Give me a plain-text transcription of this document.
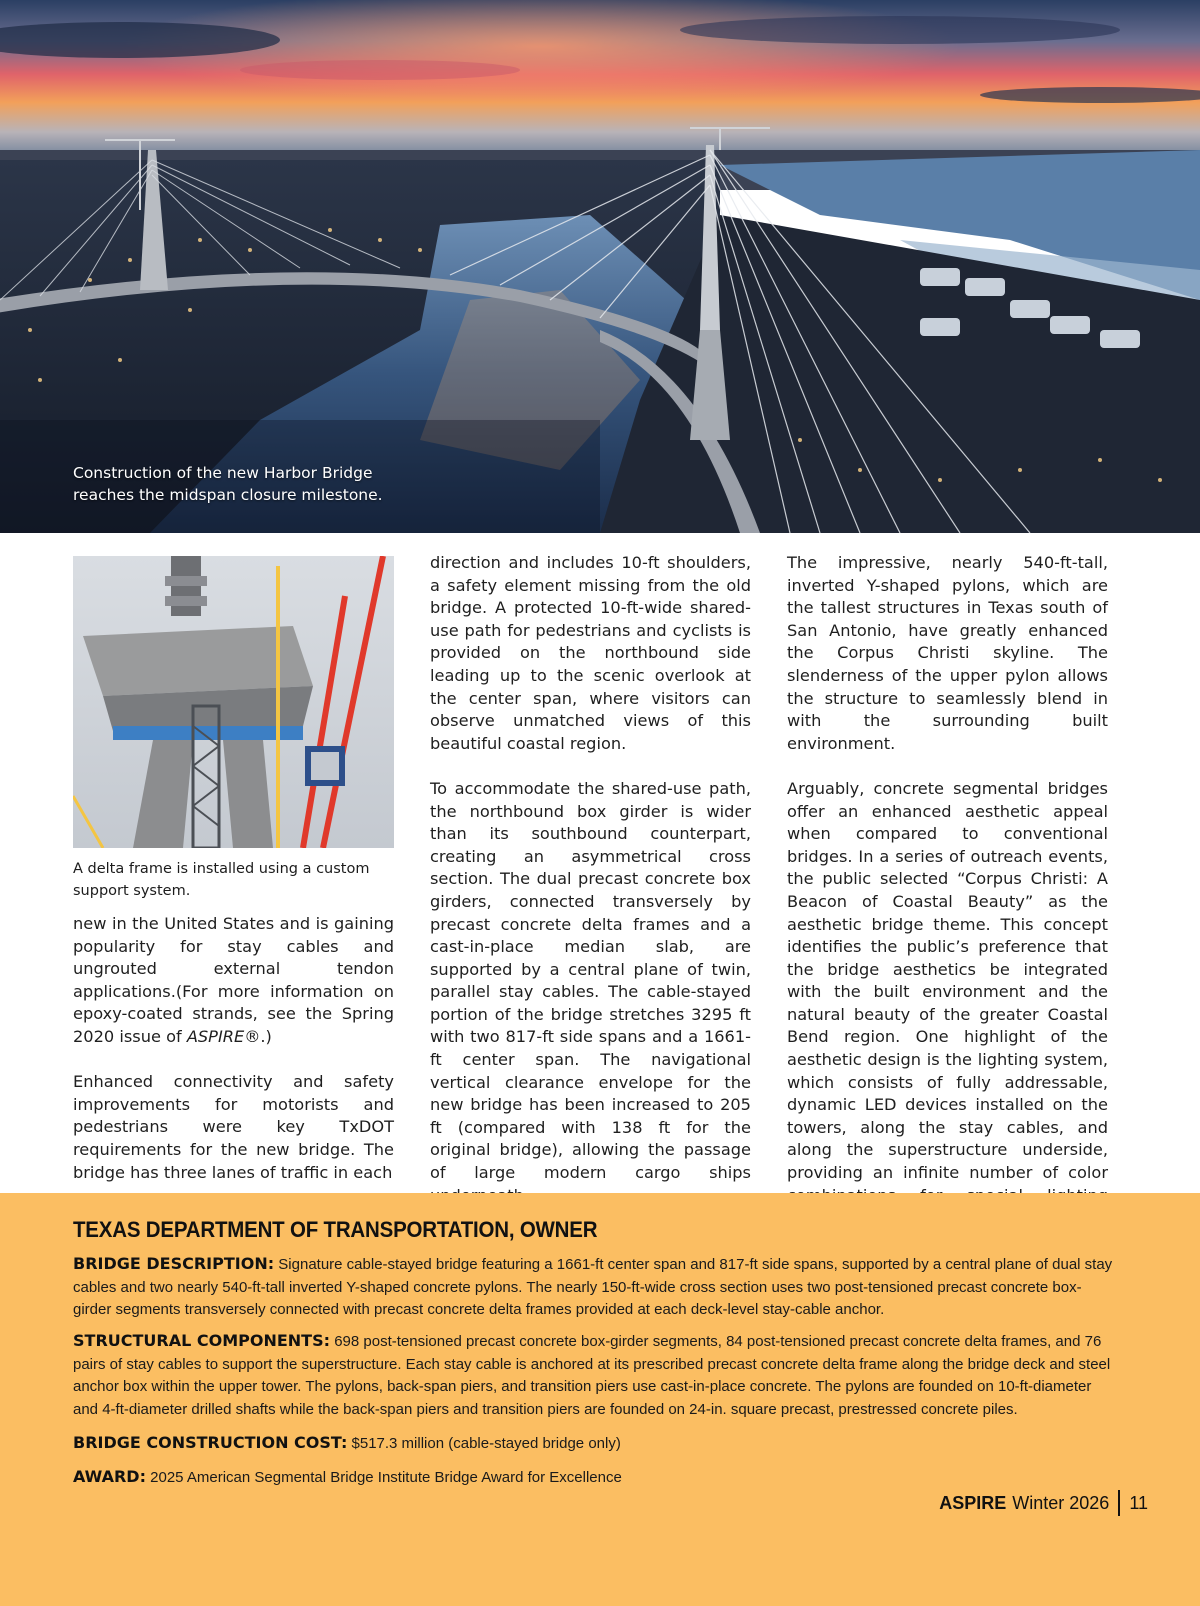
Construction of the new Harbor Bridge reaches the midspan closure milestone.
A delta frame is installed using a custom support system.

new in the United States and is gaining popularity for stay cables and ungrouted external tendon applications.(For more information on epoxy-coated strands, see the Spring 2020 issue of ASPIRE®.)

Enhanced connectivity and safety improvements for motorists and pedestrians were key TxDOT requirements for the new bridge. The bridge has three lanes of traffic in each

direction and includes 10-ft shoulders, a safety element missing from the old bridge. A protected 10-ft-wide shared-use path for pedestrians and cyclists is provided on the northbound side leading up to the scenic overlook at the center span, where visitors can observe unmatched views of this beautiful coastal region.

To accommodate the shared-use path, the northbound box girder is wider than its southbound counterpart, creating an asymmetrical cross section. The dual precast concrete box girders, connected transversely by precast concrete delta frames and a cast-in-place median slab, are supported by a central plane of twin, parallel stay cables. The cable-stayed portion of the bridge stretches 3295 ft with two 817-ft side spans and a 1661-ft center span. The navigational vertical clearance envelope for the new bridge has been increased to 205 ft (compared with 138 ft for the original bridge), allowing the passage of large modern cargo ships

The impressive, nearly 540-ft-tall, inverted Y-shaped pylons, which are the tallest structures in Texas south of San Antonio, have greatly enhanced the Corpus Christi skyline. The slenderness of the upper pylon allows the structure to seamlessly blend in with the surrounding built environment.

Arguably, concrete segmental bridges offer an enhanced aesthetic appeal when compared to conventional bridges. In a series of outreach events, the public selected “Corpus Christi: A Beacon of Coastal Beauty” as the aesthetic bridge theme. This concept identifies the public’s preference that the bridge aesthetics be integrated with the built environment and the natural beauty of the greater Coastal Bend region. One highlight of the aesthetic design is the lighting system, which consists of fully addressable, dynamic LED devices installed on the towers, along the stay cables, and along the superstructure underside, providing an infinite number of color

TEXAS DEPARTMENT OF TRANSPORTATION, OWNER

BRIDGE DESCRIPTION: Signature cable-stayed bridge featuring a 1661-ft center span and 817-ft side spans, supported by a central plane of dual stay cables and two nearly 540-ft-tall inverted Y-shaped concrete pylons. The nearly 150-ft-wide cross section uses two post-tensioned precast concrete box-girder segments transversely connected with precast concrete delta frames provided at each deck-level stay-cable anchor.

STRUCTURAL COMPONENTS: 698 post-tensioned precast concrete box-girder segments, 84 post-tensioned precast concrete delta frames, and 76 pairs of stay cables to support the superstructure. Each stay cable is anchored at its prescribed precast concrete delta frame along the bridge deck and steel anchor box within the upper tower. The pylons, back-span piers, and transition piers use cast-in-place concrete. The pylons are founded on 10-ft-diameter and 4-ft-diameter drilled shafts while the back-span piers and transition piers are founded on 24-in. square precast, prestressed concrete piles.

BRIDGE CONSTRUCTION COST: $517.3 million (cable-stayed bridge only)

AWARD: 2025 American Segmental Bridge Institute Bridge Award for Excellence

ASPIRE Winter 2026 11
